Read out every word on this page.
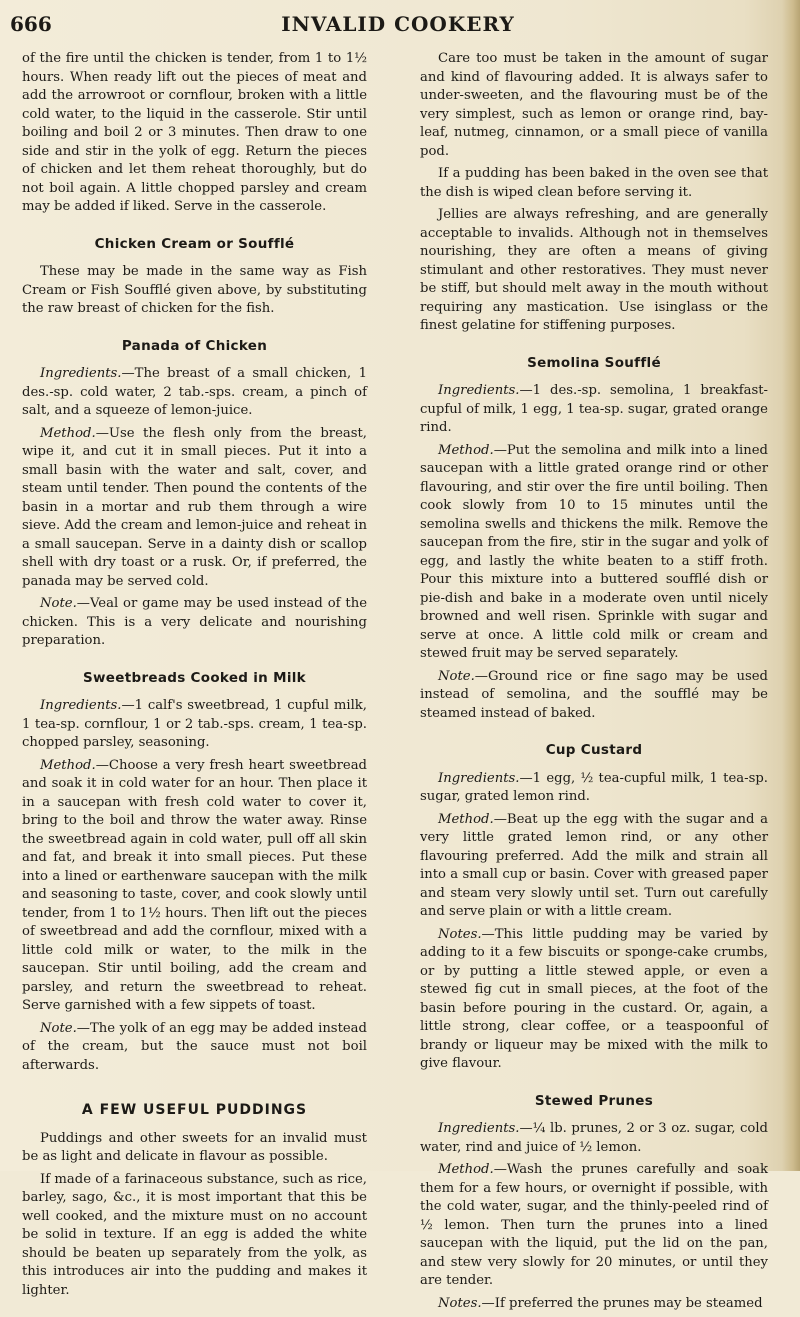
666	INVALID COOKERY

of the fire until the chicken is tender, from 1 to 1½ hours. When ready lift out the pieces of meat and add the arrowroot or cornflour, broken with a little cold water, to the liquid in the casserole. Stir until boiling and boil 2 or 3 minutes. Then draw to one side and stir in the yolk of egg. Return the pieces of chicken and let them reheat thoroughly, but do not boil again. A little chopped parsley and cream may be added if liked. Serve in the casserole.

Chicken Cream or Soufflé

These may be made in the same way as Fish Cream or Fish Soufflé given above, by substituting the raw breast of chicken for the fish.

Panada of Chicken

Ingredients.—The breast of a small chicken, 1 des.-sp. cold water, 2 tab.-sps. cream, a pinch of salt, and a squeeze of lemon-juice.

Method.—Use the flesh only from the breast, wipe it, and cut it in small pieces. Put it into a small basin with the water and salt, cover, and steam until tender. Then pound the contents of the basin in a mortar and rub them through a wire sieve. Add the cream and lemon-juice and reheat in a small saucepan. Serve in a dainty dish or scallop shell with dry toast or a rusk. Or, if preferred, the panada may be served cold.

Note.—Veal or game may be used instead of the chicken. This is a very delicate and nourishing preparation.

Sweetbreads Cooked in Milk

Ingredients.—1 calf's sweetbread, 1 cupful milk, 1 tea-sp. cornflour, 1 or 2 tab.-sps. cream, 1 tea-sp. chopped parsley, seasoning.

Method.—Choose a very fresh heart sweetbread and soak it in cold water for an hour. Then place it in a saucepan with fresh cold water to cover it, bring to the boil and throw the water away. Rinse the sweetbread again in cold water, pull off all skin and fat, and break it into small pieces. Put these into a lined or earthenware saucepan with the milk and seasoning to taste, cover, and cook slowly until tender, from 1 to 1½ hours. Then lift out the pieces of sweetbread and add the cornflour, mixed with a little cold milk or water, to the milk in the saucepan. Stir until boiling, add the cream and parsley, and return the sweetbread to reheat. Serve garnished with a few sippets of toast.

Note.—The yolk of an egg may be added instead of the cream, but the sauce must not boil afterwards.

A FEW USEFUL PUDDINGS

Puddings and other sweets for an invalid must be as light and delicate in flavour as possible.

If made of a farinaceous substance, such as rice, barley, sago, &c., it is most important that this be well cooked, and the mixture must on no account be solid in texture. If an egg is added the white should be beaten up separately from the yolk, as this introduces air into the pudding and makes it lighter.

Care too must be taken in the amount of sugar and kind of flavouring added. It is always safer to under-sweeten, and the flavouring must be of the very simplest, such as lemon or orange rind, bay-leaf, nutmeg, cinnamon, or a small piece of vanilla pod.

If a pudding has been baked in the oven see that the dish is wiped clean before serving it.

Jellies are always refreshing, and are generally acceptable to invalids. Although not in themselves nourishing, they are often a means of giving stimulant and other restoratives. They must never be stiff, but should melt away in the mouth without requiring any mastication. Use isinglass or the finest gelatine for stiffening purposes.

Semolina Soufflé

Ingredients.—1 des.-sp. semolina, 1 breakfast-cupful of milk, 1 egg, 1 tea-sp. sugar, grated orange rind.

Method.—Put the semolina and milk into a lined saucepan with a little grated orange rind or other flavouring, and stir over the fire until boiling. Then cook slowly from 10 to 15 minutes until the semolina swells and thickens the milk. Remove the saucepan from the fire, stir in the sugar and yolk of egg, and lastly the white beaten to a stiff froth. Pour this mixture into a buttered soufflé dish or pie-dish and bake in a moderate oven until nicely browned and well risen. Sprinkle with sugar and serve at once. A little cold milk or cream and stewed fruit may be served separately.

Note.—Ground rice or fine sago may be used instead of semolina, and the soufflé may be steamed instead of baked.

Cup Custard

Ingredients.—1 egg, ½ tea-cupful milk, 1 tea-sp. sugar, grated lemon rind.

Method.—Beat up the egg with the sugar and a very little grated lemon rind, or any other flavouring preferred. Add the milk and strain all into a small cup or basin. Cover with greased paper and steam very slowly until set. Turn out carefully and serve plain or with a little cream.

Notes.—This little pudding may be varied by adding to it a few biscuits or sponge-cake crumbs, or by putting a little stewed apple, or even a stewed fig cut in small pieces, at the foot of the basin before pouring in the custard. Or, again, a little strong, clear coffee, or a teaspoonful of brandy or liqueur may be mixed with the milk to give flavour.

Stewed Prunes

Ingredients.—¼ lb. prunes, 2 or 3 oz. sugar, cold water, rind and juice of ½ lemon.

Method.—Wash the prunes carefully and soak them for a few hours, or overnight if possible, with the cold water, sugar, and the thinly-peeled rind of ½ lemon. Then turn the prunes into a lined saucepan with the liquid, put the lid on the pan, and stew very slowly for 20 minutes, or until they are tender.

Notes.—If preferred the prunes may be steamed
